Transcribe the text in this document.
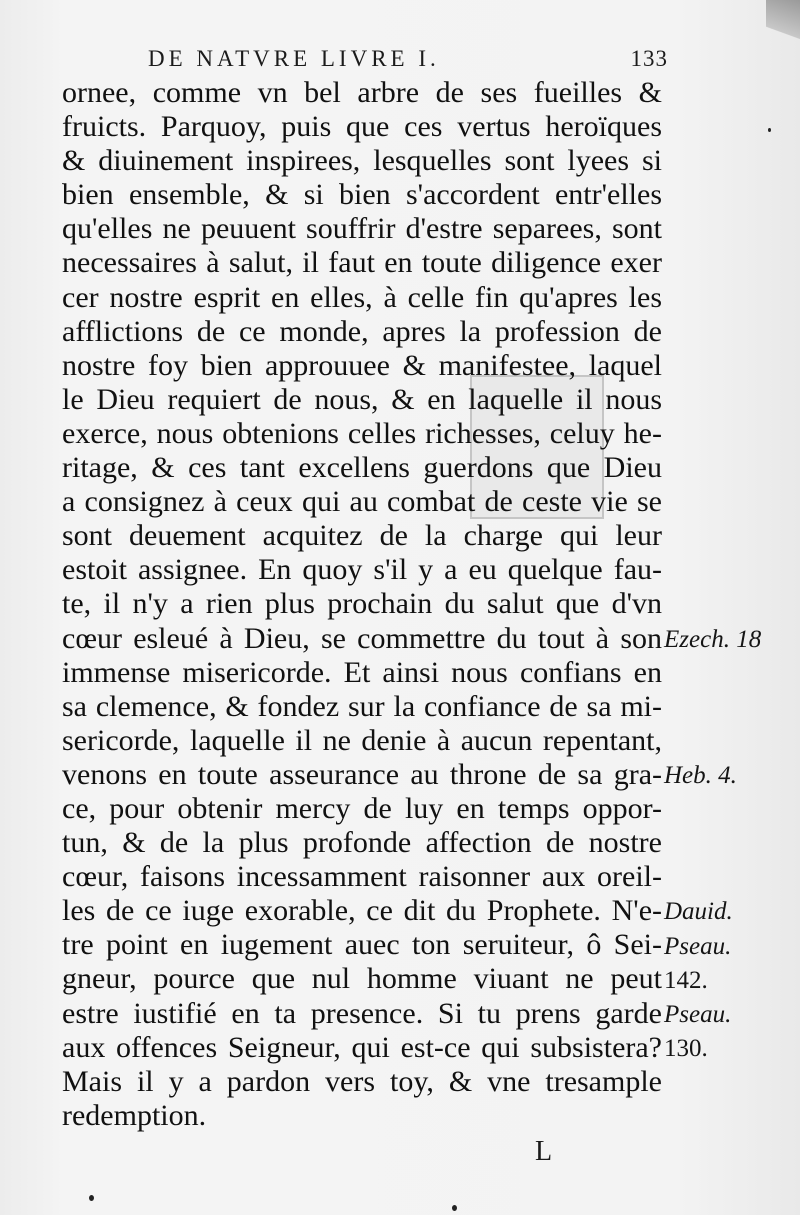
DE NATVRE LIVRE I.	133
ornee, comme vn bel arbre de ses fueilles &
fruicts. Parquoy, puis que ces vertus heroïques
& diuinement inspirees, lesquelles sont lyees si
bien ensemble, & si bien s'accordent entr'elles
qu'elles ne peuuent souffrir d'estre separees, sont
necessaires à salut, il faut en toute diligence exer
cer nostre esprit en elles, à celle fin qu'apres les
afflictions de ce monde, apres la profession de
nostre foy bien approuuee & manifestee, laquel
le Dieu requiert de nous, & en laquelle il nous
exerce, nous obtenions celles richesses, celuy he-
ritage, & ces tant excellens guerdons que Dieu
a consignez à ceux qui au combat de ceste vie se
sont deuement acquitez de la charge qui leur
estoit assignee. En quoy s'il y a eu quelque fau-
te, il n'y a rien plus prochain du salut que d'vn
cœur esleué à Dieu, se commettre du tout à son
immense misericorde. Et ainsi nous confians en
sa clemence, & fondez sur la confiance de sa mi-
sericorde, laquelle il ne denie à aucun repentant,
venons en toute asseurance au throne de sa gra-
ce, pour obtenir mercy de luy en temps oppor-
tun, & de la plus profonde affection de nostre
cœur, faisons incessamment raisonner aux oreil-
les de ce iuge exorable, ce dit du Prophete. N'e-
tre point en iugement auec ton seruiteur, ô Sei-
gneur, pource que nul homme viuant ne peut
estre iustifié en ta presence. Si tu prens garde
aux offences Seigneur, qui est-ce qui subsistera?
Mais il y a pardon vers toy, & vne tresample
redemption.
Ezech. 18
Heb. 4.
Dauid.
Pseau.
142.
Pseau.
130.
L
